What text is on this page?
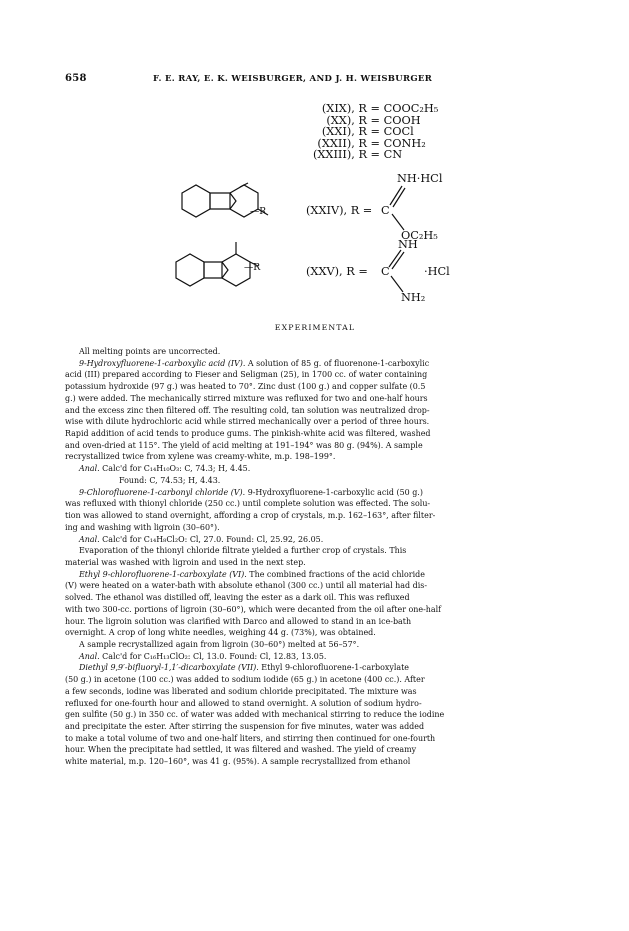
658	F. E. RAY, E. K. WEISBURGER, AND J. H. WEISBURGER
(XIX), R = COOC₂H₅
(XX), R = COOH
(XXI), R = COCl
(XXII), R = CONH₂
(XXIII), R = CN
—R
—R
(XXIV), R = C
NH·HCl
OC₂H₅
(XXV), R = C
NH
·HCl
NH₂
EXPERIMENTAL
All melting points are uncorrected.
9-Hydroxyfluorene-1-carboxylic acid (IV). A solution of 85 g. of fluorenone-1-carboxylic
acid (III) prepared according to Fieser and Seligman (25), in 1700 cc. of water containing
potassium hydroxide (97 g.) was heated to 70°. Zinc dust (100 g.) and copper sulfate (0.5
g.) were added. The mechanically stirred mixture was refluxed for two and one-half hours
and the excess zinc then filtered off. The resulting cold, tan solution was neutralized drop-
wise with dilute hydrochloric acid while stirred mechanically over a period of three hours.
Rapid addition of acid tends to produce gums. The pinkish-white acid was filtered, washed
and oven-dried at 115°. The yield of acid melting at 191–194° was 80 g. (94%). A sample
recrystallized twice from xylene was creamy-white, m.p. 198–199°.
Anal. Calc'd for C₁₄H₁₀O₃: C, 74.3; H, 4.45.
Found: C, 74.53; H, 4.43.
9-Chlorofluorene-1-carbonyl chloride (V). 9-Hydroxyfluorene-1-carboxylic acid (50 g.)
was refluxed with thionyl chloride (250 cc.) until complete solution was effected. The solu-
tion was allowed to stand overnight, affording a crop of crystals, m.p. 162–163°, after filter-
ing and washing with ligroin (30–60°).
Anal. Calc'd for C₁₄H₈Cl₂O: Cl, 27.0. Found: Cl, 25.92, 26.05.
Evaporation of the thionyl chloride filtrate yielded a further crop of crystals. This
material was washed with ligroin and used in the next step.
Ethyl 9-chlorofluorene-1-carboxylate (VI). The combined fractions of the acid chloride
(V) were heated on a water-bath with absolute ethanol (300 cc.) until all material had dis-
solved. The ethanol was distilled off, leaving the ester as a dark oil. This was refluxed
with two 300-cc. portions of ligroin (30–60°), which were decanted from the oil after one-half
hour. The ligroin solution was clarified with Darco and allowed to stand in an ice-bath
overnight. A crop of long white needles, weighing 44 g. (73%), was obtained.
A sample recrystallized again from ligroin (30–60°) melted at 56–57°.
Anal. Calc'd for C₁₆H₁₃ClO₂: Cl, 13.0. Found: Cl, 12.83, 13.05.
Diethyl 9,9′-bifluoryl-1,1′-dicarboxylate (VII). Ethyl 9-chlorofluorene-1-carboxylate
(50 g.) in acetone (100 cc.) was added to sodium iodide (65 g.) in acetone (400 cc.). After
a few seconds, iodine was liberated and sodium chloride precipitated. The mixture was
refluxed for one-fourth hour and allowed to stand overnight. A solution of sodium hydro-
gen sulfite (50 g.) in 350 cc. of water was added with mechanical stirring to reduce the iodine
and precipitate the ester. After stirring the suspension for five minutes, water was added
to make a total volume of two and one-half liters, and stirring then continued for one-fourth
hour. When the precipitate had settled, it was filtered and washed. The yield of creamy
white material, m.p. 120–160°, was 41 g. (95%). A sample recrystallized from ethanol
